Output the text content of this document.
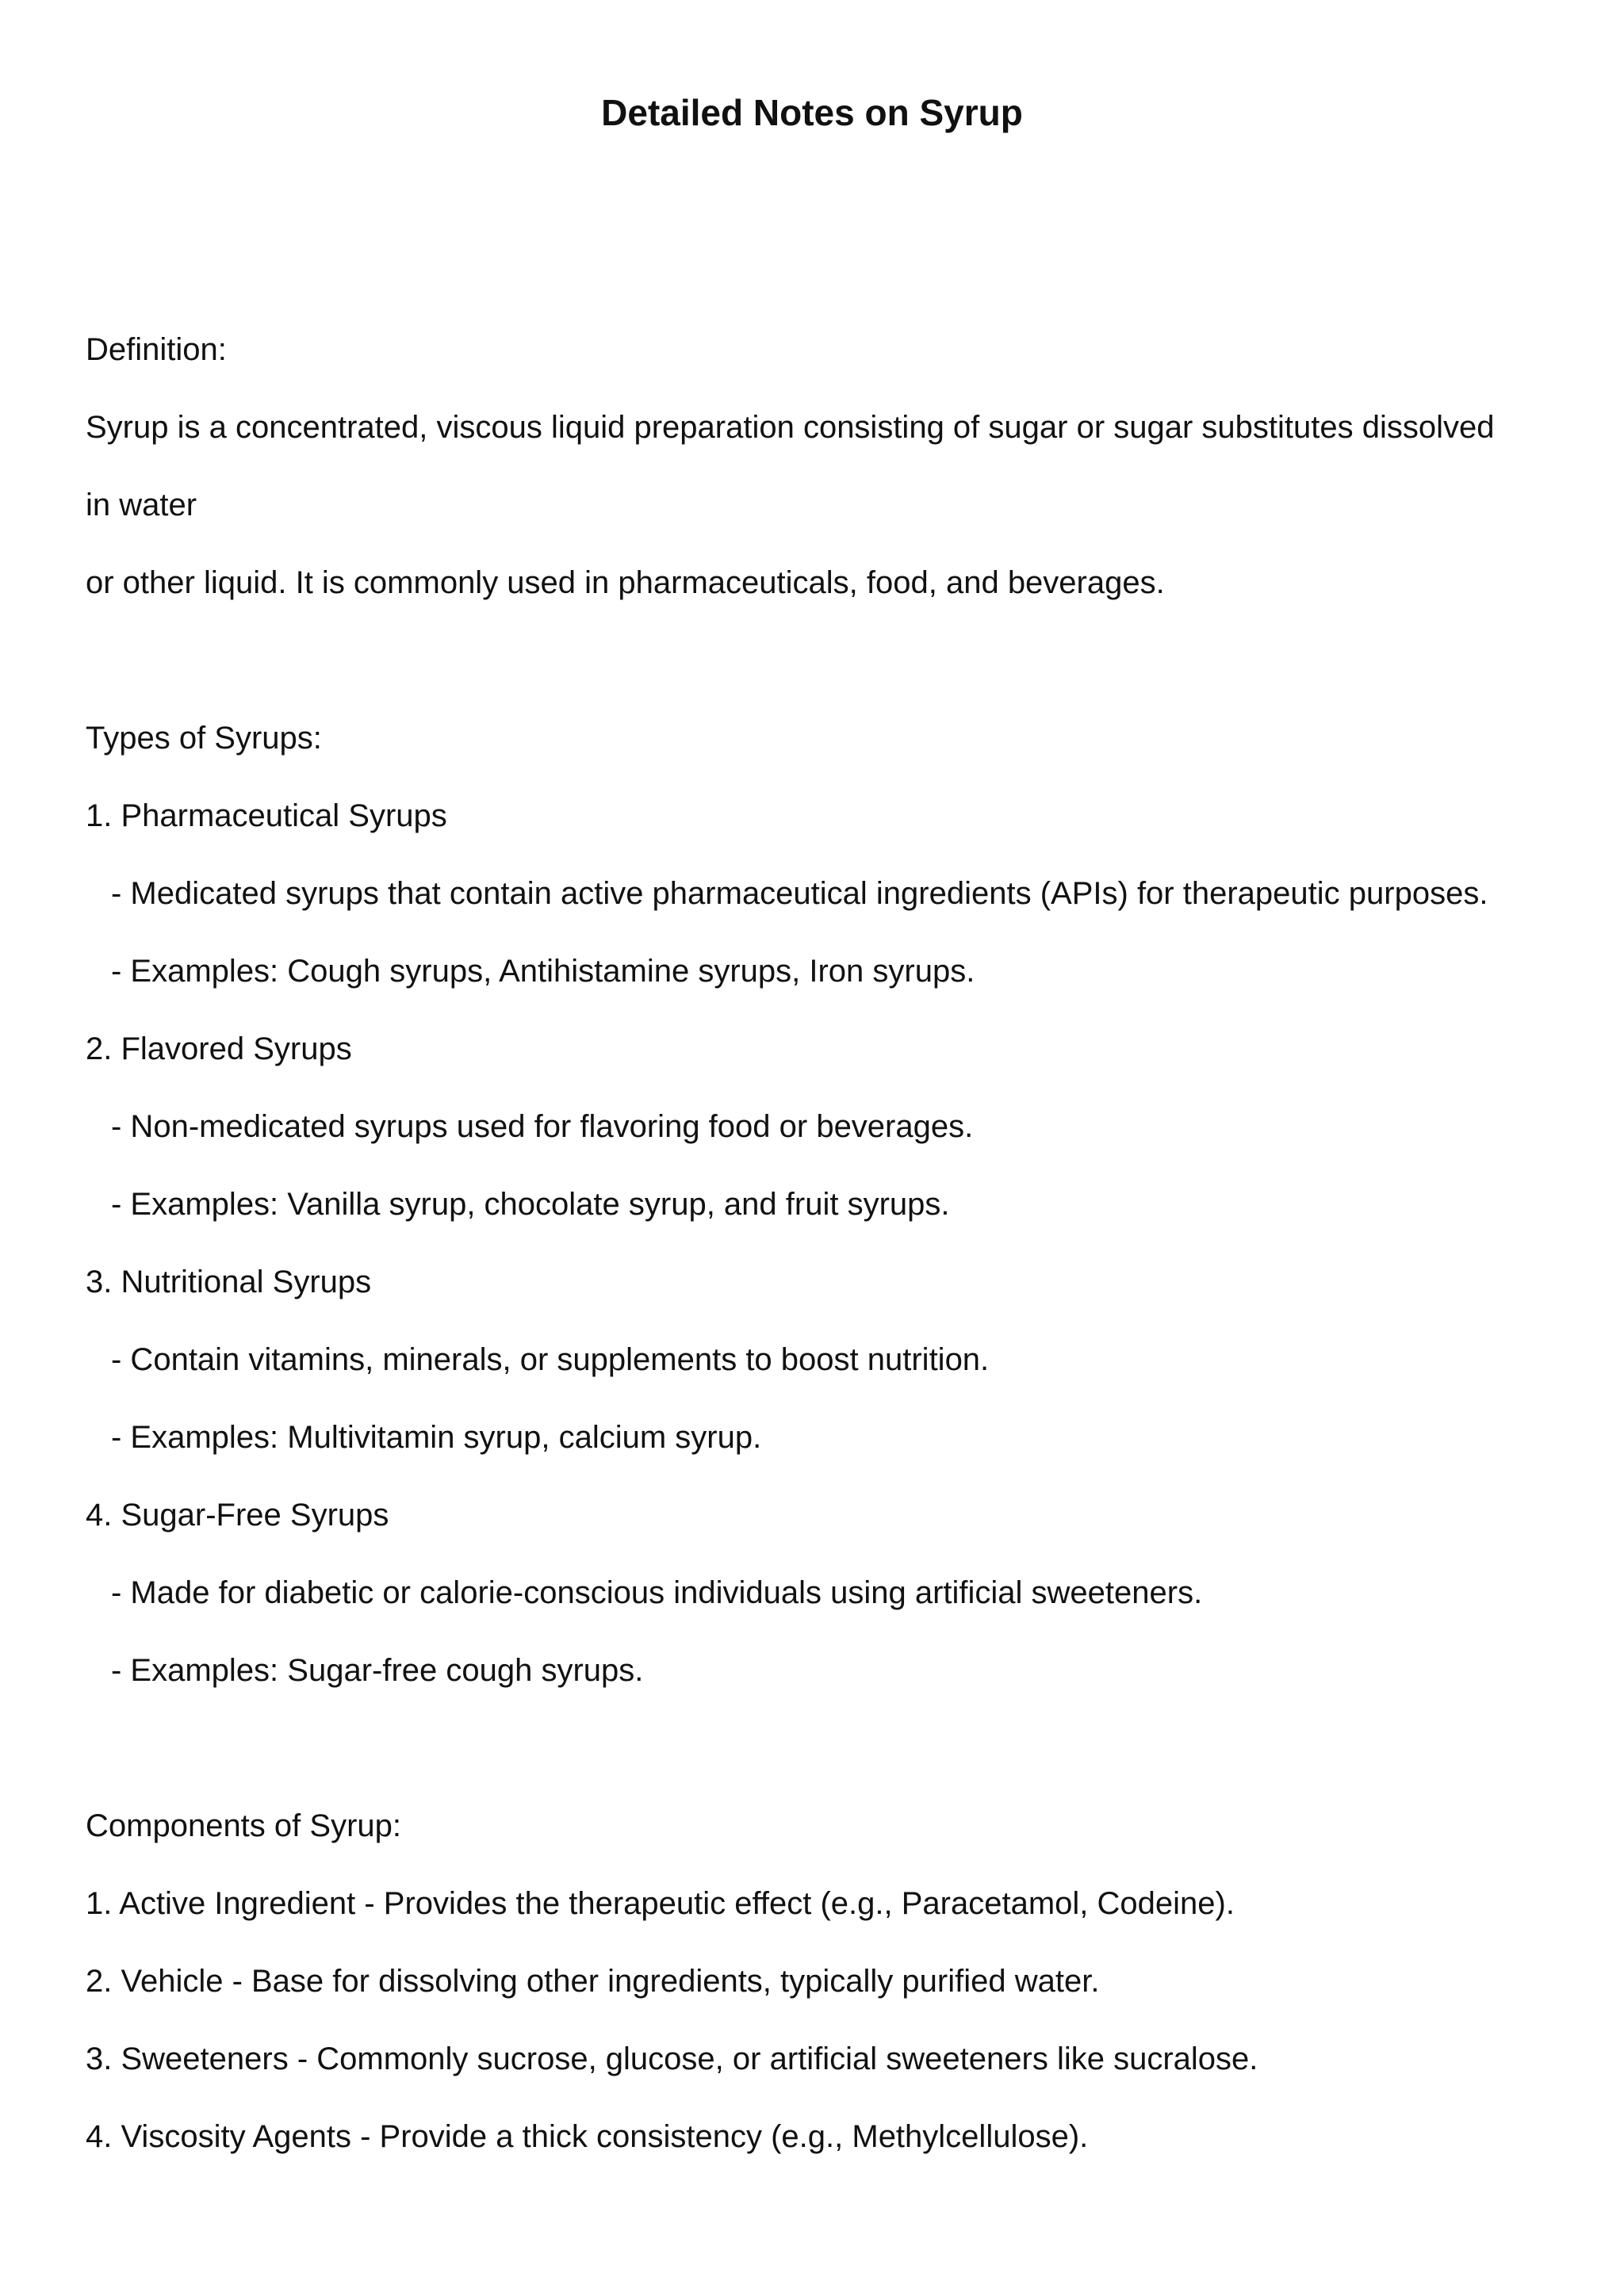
Detailed Notes on Syrup

Definition:

Syrup is a concentrated, viscous liquid preparation consisting of sugar or sugar substitutes dissolved

in water

or other liquid. It is commonly used in pharmaceuticals, food, and beverages.

Types of Syrups:

1. Pharmaceutical Syrups

- Medicated syrups that contain active pharmaceutical ingredients (APIs) for therapeutic purposes.

- Examples: Cough syrups, Antihistamine syrups, Iron syrups.

2. Flavored Syrups

- Non-medicated syrups used for flavoring food or beverages.

- Examples: Vanilla syrup, chocolate syrup, and fruit syrups.

3. Nutritional Syrups

- Contain vitamins, minerals, or supplements to boost nutrition.

- Examples: Multivitamin syrup, calcium syrup.

4. Sugar-Free Syrups

- Made for diabetic or calorie-conscious individuals using artificial sweeteners.

- Examples: Sugar-free cough syrups.

Components of Syrup:

1. Active Ingredient - Provides the therapeutic effect (e.g., Paracetamol, Codeine).

2. Vehicle - Base for dissolving other ingredients, typically purified water.

3. Sweeteners - Commonly sucrose, glucose, or artificial sweeteners like sucralose.

4. Viscosity Agents - Provide a thick consistency (e.g., Methylcellulose).
